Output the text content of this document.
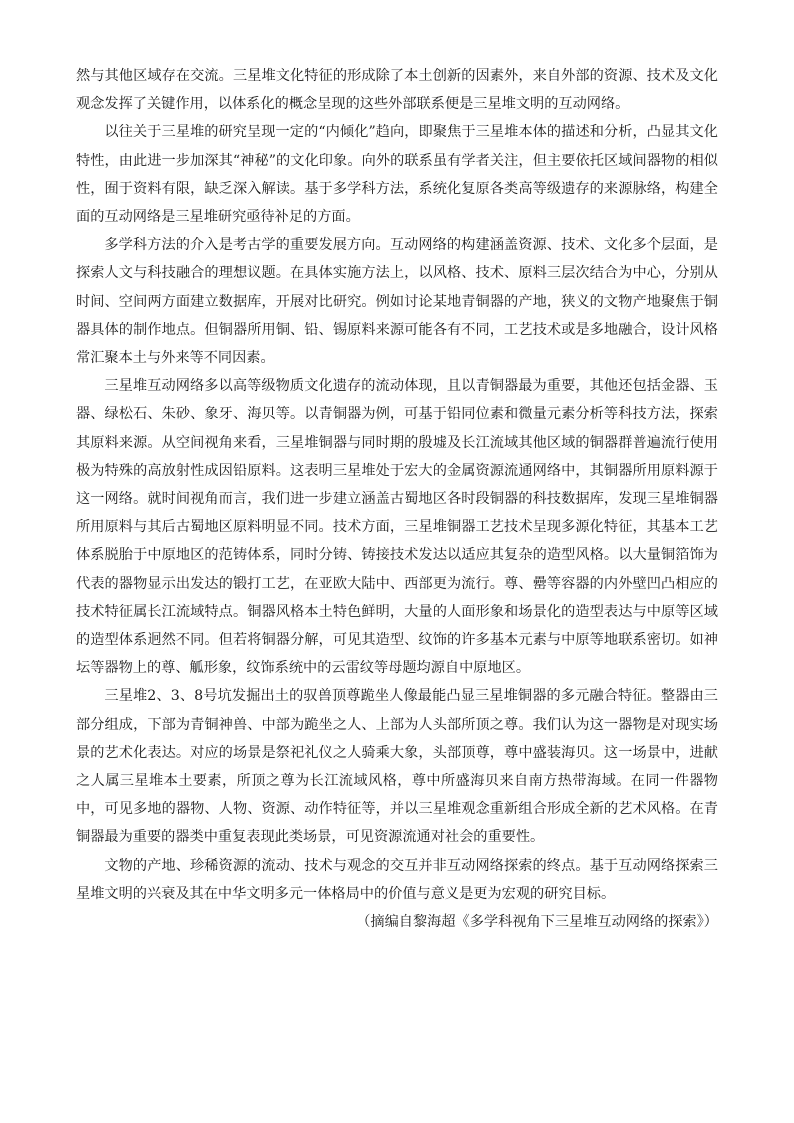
然与其他区域存在交流。三星堆文化特征的形成除了本土创新的因素外，来自外部的资源、技术及文化观念发挥了关键作用，以体系化的概念呈现的这些外部联系便是三星堆文明的互动网络。

以往关于三星堆的研究呈现一定的“内倾化”趋向，即聚焦于三星堆本体的描述和分析，凸显其文化特性，由此进一步加深其“神秘”的文化印象。向外的联系虽有学者关注，但主要依托区域间器物的相似性，囿于资料有限，缺乏深入解读。基于多学科方法，系统化复原各类高等级遗存的来源脉络，构建全面的互动网络是三星堆研究亟待补足的方面。

多学科方法的介入是考古学的重要发展方向。互动网络的构建涵盖资源、技术、文化多个层面，是探索人文与科技融合的理想议题。在具体实施方法上，以风格、技术、原料三层次结合为中心，分别从时间、空间两方面建立数据库，开展对比研究。例如讨论某地青铜器的产地，狭义的文物产地聚焦于铜器具体的制作地点。但铜器所用铜、铅、锡原料来源可能各有不同，工艺技术或是多地融合，设计风格常汇聚本土与外来等不同因素。

三星堆互动网络多以高等级物质文化遗存的流动体现，且以青铜器最为重要，其他还包括金器、玉器、绿松石、朱砂、象牙、海贝等。以青铜器为例，可基于铅同位素和微量元素分析等科技方法，探索其原料来源。从空间视角来看，三星堆铜器与同时期的殷墟及长江流域其他区域的铜器群普遍流行使用极为特殊的高放射性成因铅原料。这表明三星堆处于宏大的金属资源流通网络中，其铜器所用原料源于这一网络。就时间视角而言，我们进一步建立涵盖古蜀地区各时段铜器的科技数据库，发现三星堆铜器所用原料与其后古蜀地区原料明显不同。技术方面，三星堆铜器工艺技术呈现多源化特征，其基本工艺体系脱胎于中原地区的范铸体系，同时分铸、铸接技术发达以适应其复杂的造型风格。以大量铜箔饰为代表的器物显示出发达的锻打工艺，在亚欧大陆中、西部更为流行。尊、罍等容器的内外壁凹凸相应的技术特征属长江流域特点。铜器风格本土特色鲜明，大量的人面形象和场景化的造型表达与中原等区域的造型体系迥然不同。但若将铜器分解，可见其造型、纹饰的许多基本元素与中原等地联系密切。如神坛等器物上的尊、觚形象，纹饰系统中的云雷纹等母题均源自中原地区。

三星堆2、3、8号坑发掘出土的驭兽顶尊跪坐人像最能凸显三星堆铜器的多元融合特征。整器由三部分组成，下部为青铜神兽、中部为跪坐之人、上部为人头部所顶之尊。我们认为这一器物是对现实场景的艺术化表达。对应的场景是祭祀礼仪之人骑乘大象，头部顶尊，尊中盛装海贝。这一场景中，进献之人属三星堆本土要素，所顶之尊为长江流域风格，尊中所盛海贝来自南方热带海域。在同一件器物中，可见多地的器物、人物、资源、动作特征等，并以三星堆观念重新组合形成全新的艺术风格。在青铜器最为重要的器类中重复表现此类场景，可见资源流通对社会的重要性。

文物的产地、珍稀资源的流动、技术与观念的交互并非互动网络探索的终点。基于互动网络探索三星堆文明的兴衰及其在中华文明多元一体格局中的价值与意义是更为宏观的研究目标。

（摘编自黎海超《多学科视角下三星堆互动网络的探索》）
